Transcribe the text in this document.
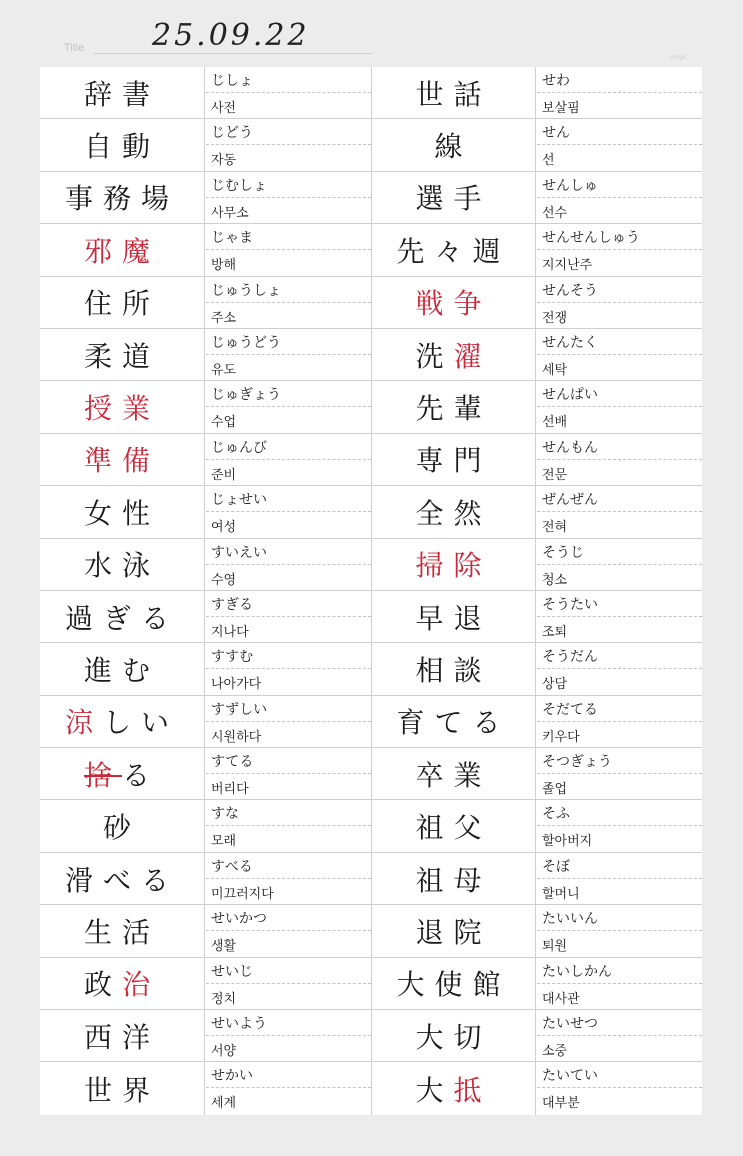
Title 25.09.22
Ichigo
辞 書	じしょ
사전
自 動	じどう
자동
事 務 場	じむしょ
사무소
邪 魔	じゃま
방해
住 所	じゅうしょ
주소
柔 道	じゅうどう
유도
授 業	じゅぎょう
수업
準 備	じゅんび
준비
女 性	じょせい
여성
水 泳	すいえい
수영
過 ぎ る	すぎる
지나다
進 む	すすむ
나아가다
涼 しい	すずしい
시원하다
捨 る	すてる
버리다
砂	すな
모래
滑 べ る	すべる
미끄러지다
生 活	せいかつ
생활
政 治	せいじ
정치
西 洋	せいよう
서양
世 界	せかい
세계
世 話	せわ
보살핌
線	せん
선
選 手	せんしゅ
선수
先 々 週	せんせんしゅう
지지난주
戦 争	せんそう
전쟁
洗 濯	せんたく
세탁
先 輩	せんぱい
선배
専 門	せんもん
전문
全 然	ぜんぜん
전혀
掃 除	そうじ
청소
早 退	そうたい
조퇴
相 談	そうだん
상담
育 てる	そだてる
키우다
卒 業	そつぎょう
졸업
祖 父	そふ
할아버지
祖 母	そぼ
할머니
退 院	たいいん
퇴원
大 使 館	たいしかん
대사관
大 切	たいせつ
소중
大 抵	たいてい
대부분
